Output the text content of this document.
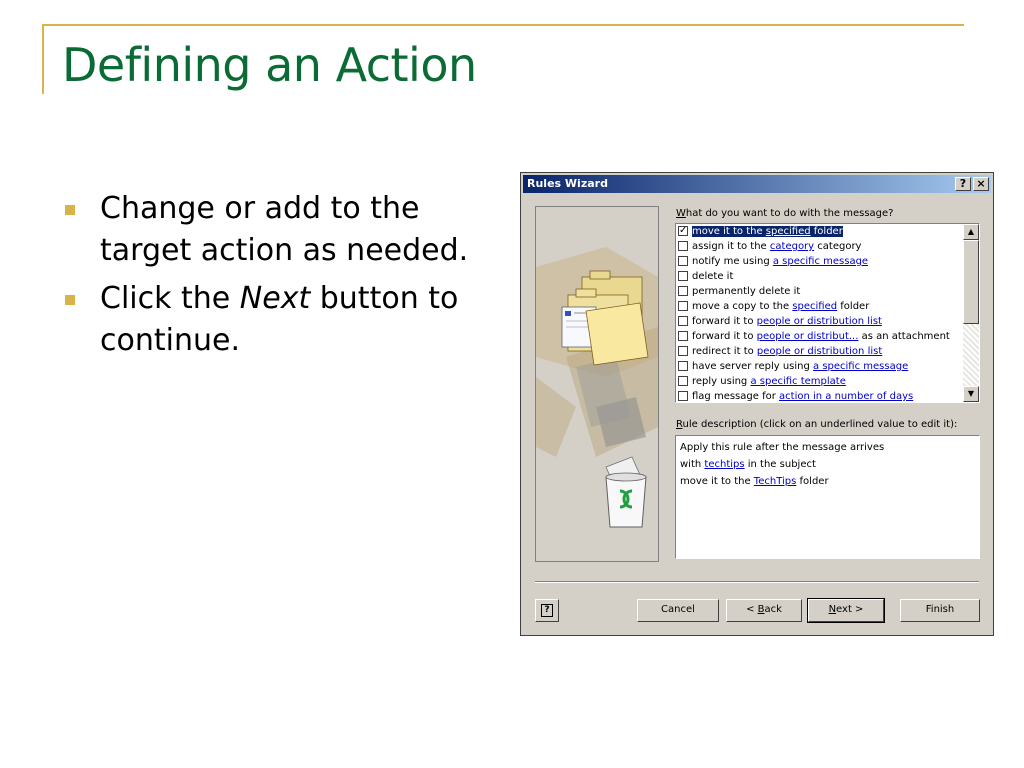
Defining an Action
Change or add to the target action as needed.
Click the Next button to continue.
Rules Wizard	? ×
What do you want to do with the message?
✓move it to the specified folder
assign it to the category category
notify me using a specific message
delete it
permanently delete it
move a copy to the specified folder
forward it to people or distribution list
forward it to people or distribut... as an attachment
redirect it to people or distribution list
have server reply using a specific message
reply using a specific template
flag message for action in a number of days
▲
▼
Rule description (click on an underlined value to edit it):
Apply this rule after the message arrives
with techtips in the subject
move it to the TechTips folder
?	Cancel	< Back	Next >	Finish
